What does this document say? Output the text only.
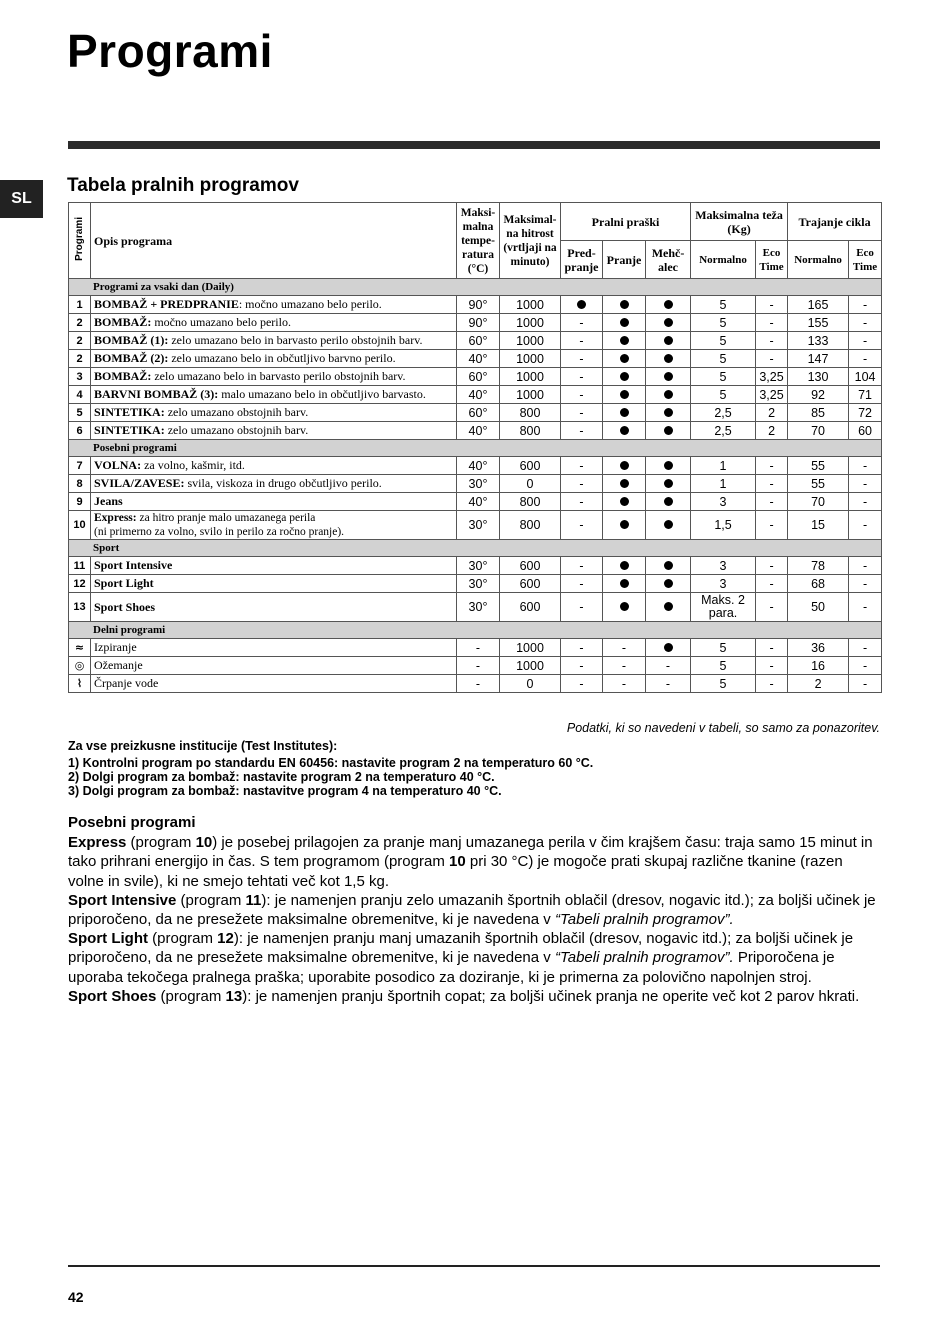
Programi
SL
Tabela pralnih programov
Programi	Opis programa	Maksi-malna tempe-ratura (°C)	Maksimal-na hitrost (vrtljaji na minuto)	Pralni praški			Maksimalna teža (Kg)		Trajanje cikla	
				Pred-pranje	Pranje	Mehč-alec	Normalno	Eco Time	Normalno	Eco Time
Programi za vsaki dan (Daily)										
1	BOMBAŽ + PREDPRANIE: močno umazano belo perilo.	90°	1000				5	-	165	-
2	BOMBAŽ: močno umazano belo perilo.	90°	1000	-			5	-	155	-
2	BOMBAŽ (1): zelo umazano belo in barvasto perilo obstojnih barv.	60°	1000	-			5	-	133	-
2	BOMBAŽ (2): zelo umazano belo in občutljivo barvno perilo.	40°	1000	-			5	-	147	-
3	BOMBAŽ: zelo umazano belo in barvasto perilo obstojnih barv.	60°	1000	-			5	3,25	130	104
4	BARVNI BOMBAŽ (3): malo umazano belo in občutljivo barvasto.	40°	1000	-			5	3,25	92	71
5	SINTETIKA: zelo umazano obstojnih barv.	60°	800	-			2,5	2	85	72
6	SINTETIKA: zelo umazano obstojnih barv.	40°	800	-			2,5	2	70	60
Posebni programi										
7	VOLNA: za volno, kašmir, itd.	40°	600	-			1	-	55	-
8	SVILA/ZAVESE: svila, viskoza in drugo občutljivo perilo.	30°	0	-			1	-	55	-
9	Jeans	40°	800	-			3	-	70	-
10	Express: za hitro pranje malo umazanega perila
(ni primerno za volno, svilo in perilo za ročno pranje).	30°	800	-			1,5	-	15	-
Sport										
11	Sport Intensive	30°	600	-			3	-	78	-
12	Sport Light	30°	600	-			3	-	68	-
13	Sport Shoes	30°	600	-			Maks. 2 para.	-	50	-
Delni programi										
≈	Izpiranje	-	1000	-	-		5	-	36	-
◎	Ožemanje	-	1000	-	-	-	5	-	16	-
⌇	Črpanje vode	-	0	-	-	-	5	-	2	-
Podatki, ki so navedeni v tabeli, so samo za ponazoritev.
Za vse preizkusne institucije (Test Institutes):
1) Kontrolni program po standardu EN 60456: nastavite program 2 na temperaturo 60 °C.
2) Dolgi program za bombaž: nastavite program 2 na temperaturo 40 °C.
3) Dolgi program za bombaž: nastavitve program 4 na temperaturo 40 °C.
Posebni programi

Express (program 10) je posebej prilagojen za pranje manj umazanega perila v čim krajšem času: traja samo 15 minut in tako prihrani energijo in čas. S tem programom (program 10 pri 30 °C) je mogoče prati skupaj različne tkanine (razen volne in svile), ki ne smejo tehtati več kot 1,5 kg.

Sport Intensive (program 11): je namenjen pranju zelo umazanih športnih oblačil (dresov, nogavic itd.); za boljši učinek je priporočeno, da ne presežete maksimalne obremenitve, ki je navedena v “Tabeli pralnih programov”.

Sport Light (program 12): je namenjen pranju manj umazanih športnih oblačil (dresov, nogavic itd.); za boljši učinek je priporočeno, da ne presežete maksimalne obremenitve, ki je navedena v “Tabeli pralnih programov”. Priporočena je uporaba tekočega pralnega praška; uporabite posodico za doziranje, ki je primerna za polovično napolnjen stroj.

Sport Shoes (program 13): je namenjen pranju športnih copat; za boljši učinek pranja ne operite več kot 2 parov hkrati.

42
